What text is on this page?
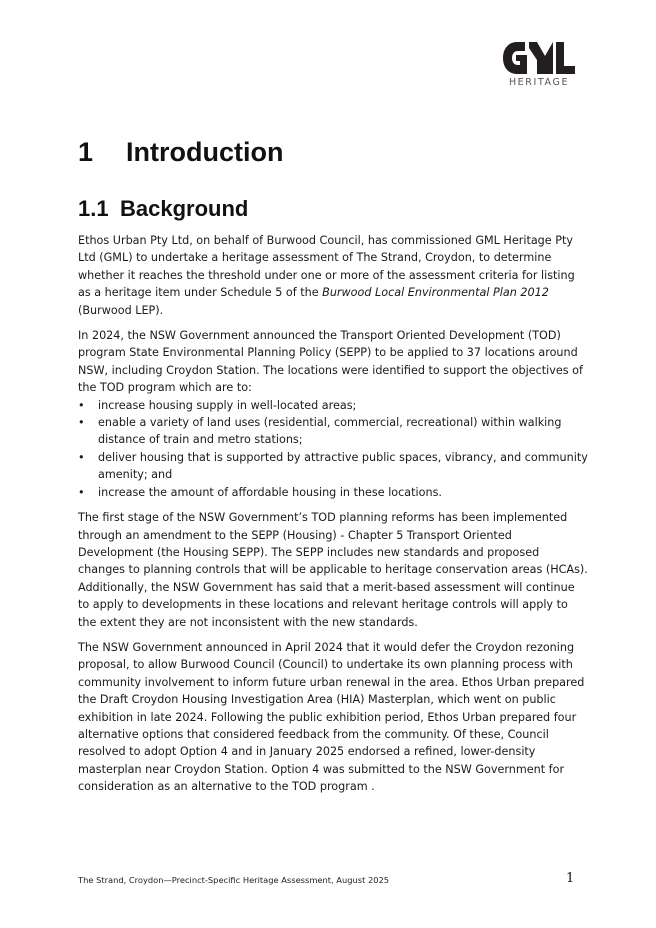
HERITAGE
1	Introduction
1.1 Background

Ethos Urban Pty Ltd, on behalf of Burwood Council, has commissioned GML Heritage Pty Ltd (GML) to undertake a heritage assessment of The Strand, Croydon, to determine whether it reaches the threshold under one or more of the assessment criteria for listing as a heritage item under Schedule 5 of the Burwood Local Environmental Plan 2012 (Burwood LEP).

In 2024, the NSW Government announced the Transport Oriented Development (TOD) program State Environmental Planning Policy (SEPP) to be applied to 37 locations around NSW, including Croydon Station. The locations were identified to support the objectives of the TOD program which are to:

• increase housing supply in well-located areas;
• enable a variety of land uses (residential, commercial, recreational) within walking distance of train and metro stations;
• deliver housing that is supported by attractive public spaces, vibrancy, and community amenity; and
• increase the amount of affordable housing in these locations.

The first stage of the NSW Government’s TOD planning reforms has been implemented through an amendment to the SEPP (Housing) - Chapter 5 Transport Oriented Development (the Housing SEPP). The SEPP includes new standards and proposed changes to planning controls that will be applicable to heritage conservation areas (HCAs). Additionally, the NSW Government has said that a merit-based assessment will continue to apply to developments in these locations and relevant heritage controls will apply to the extent they are not inconsistent with the new standards.

The NSW Government announced in April 2024 that it would defer the Croydon rezoning proposal, to allow Burwood Council (Council) to undertake its own planning process with community involvement to inform future urban renewal in the area. Ethos Urban prepared the Draft Croydon Housing Investigation Area (HIA) Masterplan, which went on public exhibition in late 2024. Following the public exhibition period, Ethos Urban prepared four alternative options that considered feedback from the community. Of these, Council resolved to adopt Option 4 and in January 2025 endorsed a refined, lower-density masterplan near Croydon Station. Option 4 was submitted to the NSW Government for consideration as an alternative to the TOD program .

The Strand, Croydon—Precinct-Specific Heritage Assessment, August 2025	1
